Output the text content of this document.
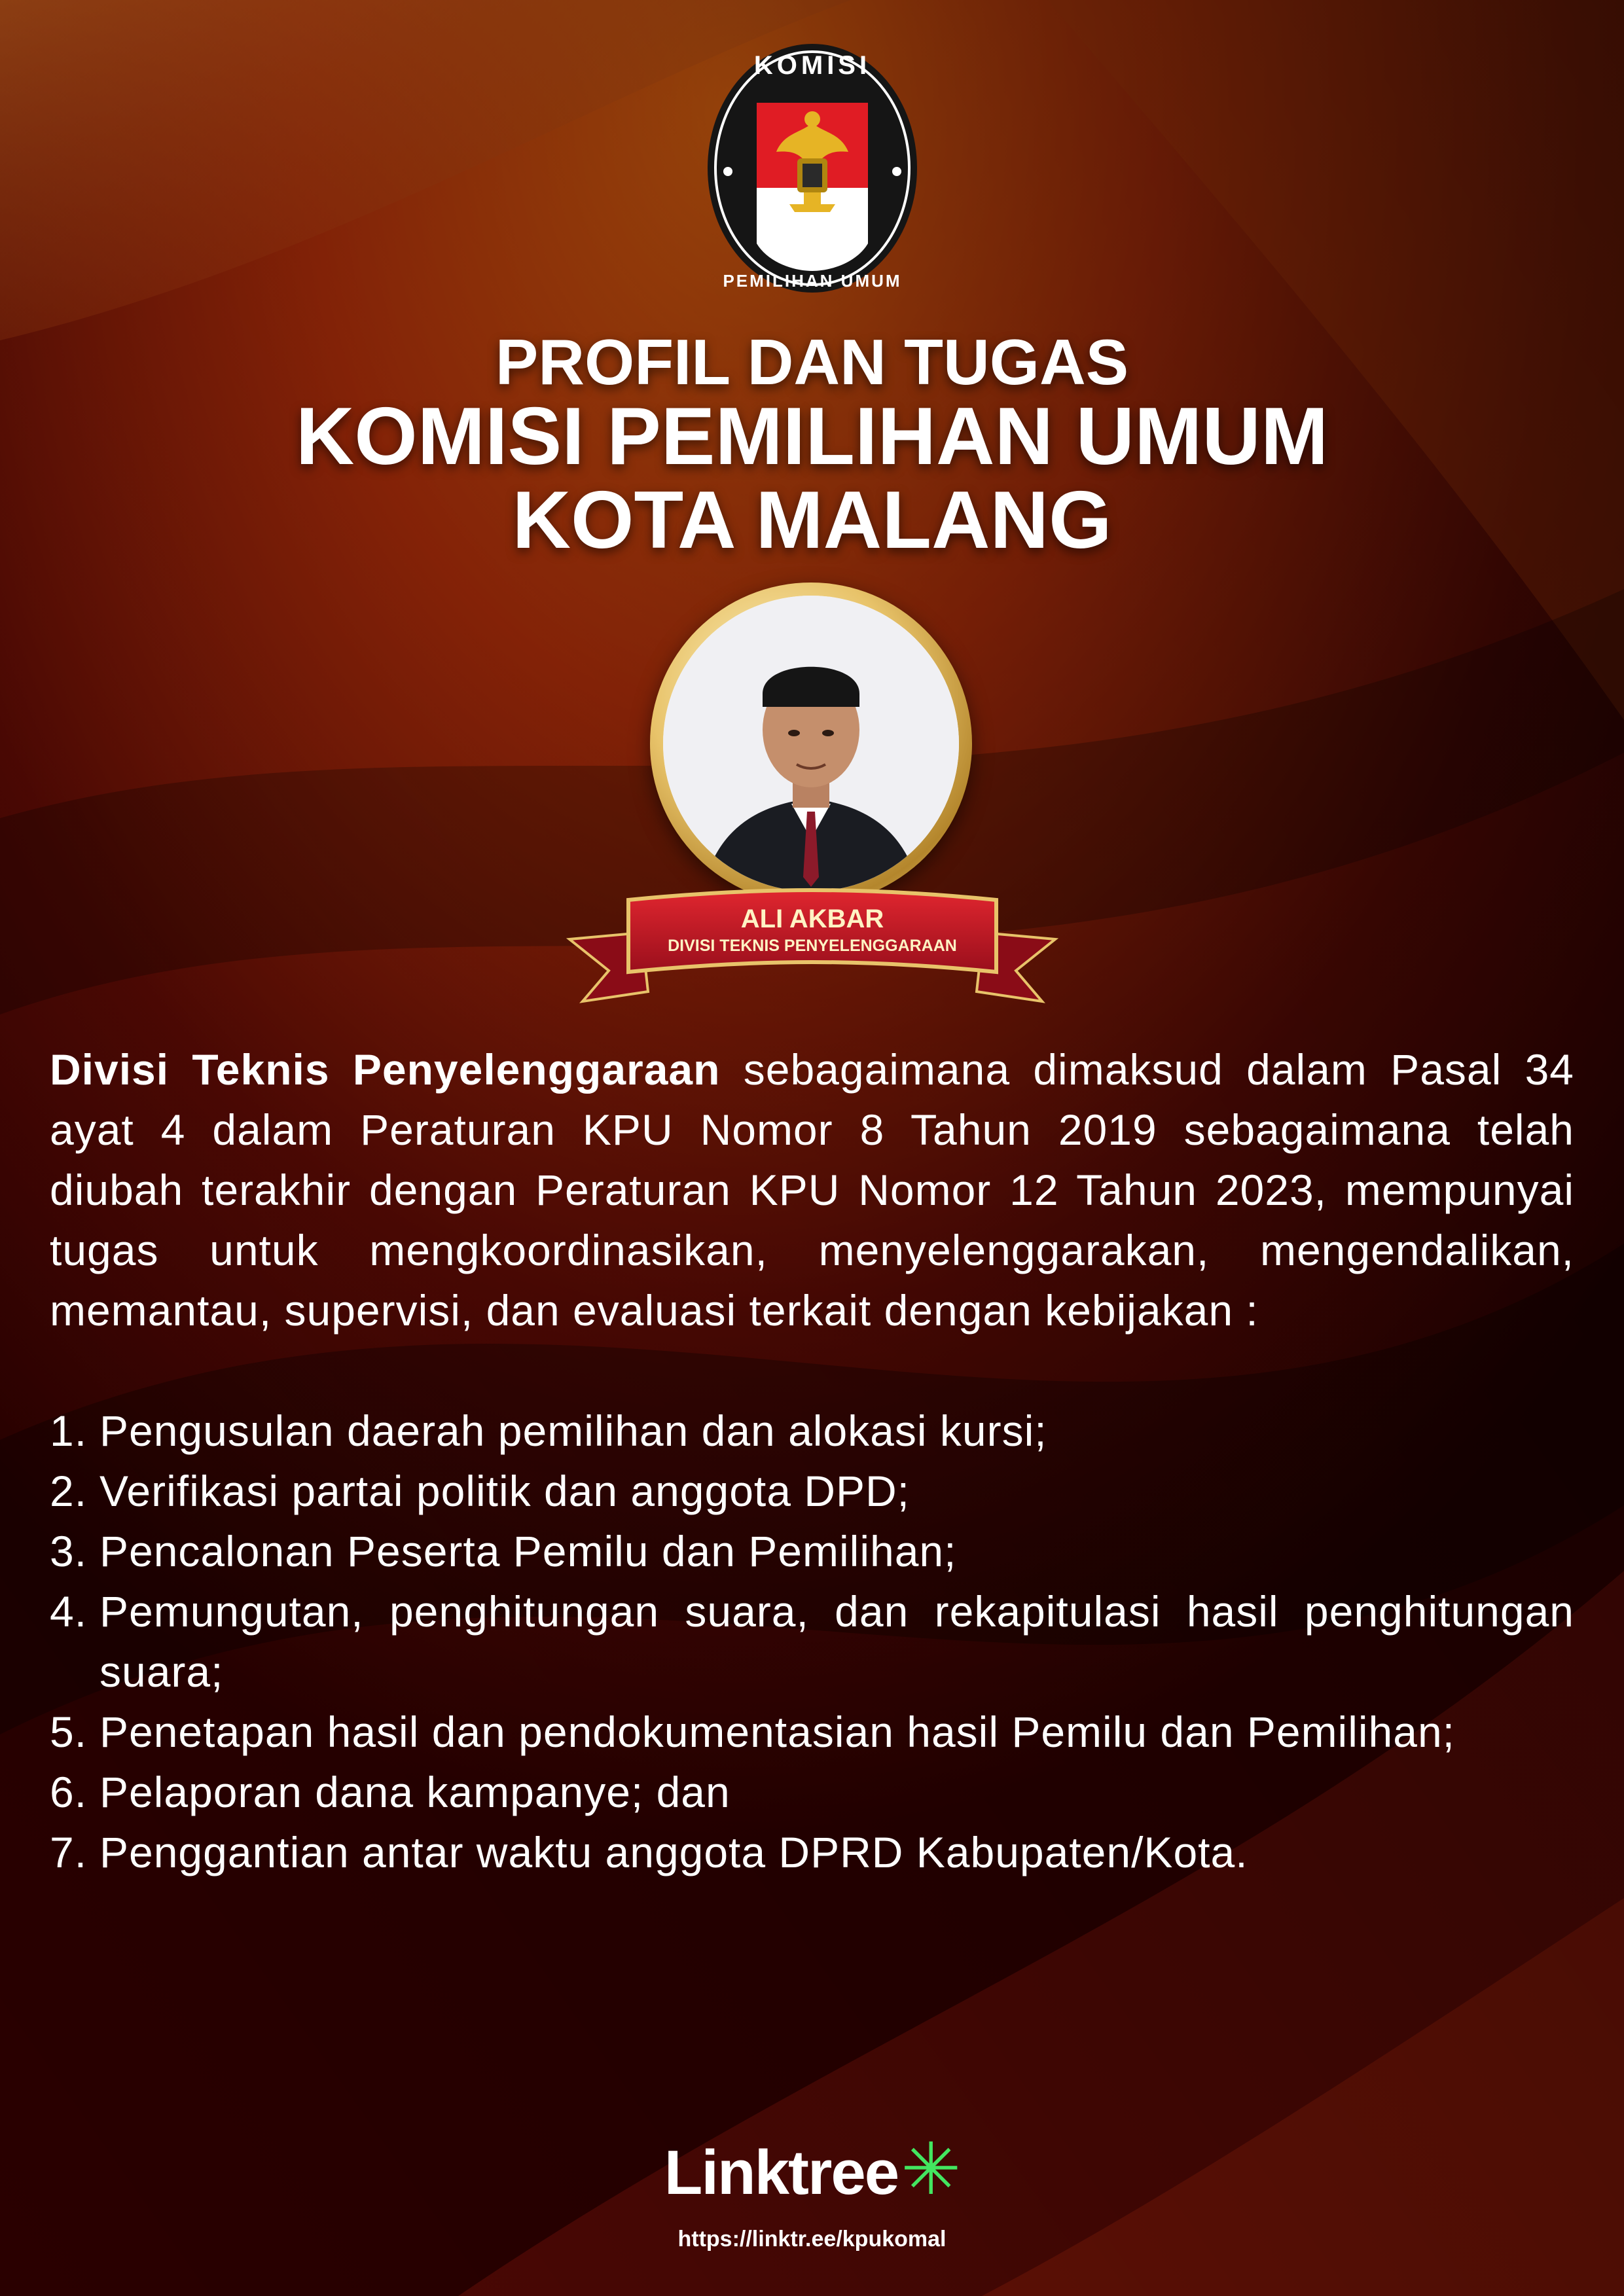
KOMISI
PEMILIHAN UMUM
PROFIL DAN TUGAS
KOMISI PEMILIHAN UMUM
KOTA MALANG
ALI AKBAR
DIVISI TEKNIS PENYELENGGARAAN

Divisi Teknis Penyelenggaraan sebagaimana dimaksud dalam Pasal 34 ayat 4 dalam Peraturan KPU Nomor 8 Tahun 2019 sebagaimana telah diubah terakhir dengan Peraturan KPU Nomor 12 Tahun 2023, mempunyai tugas untuk mengkoordinasikan, menyelenggarakan, mengendalikan, memantau, supervisi, dan evaluasi terkait dengan kebijakan :

1. Pengusulan daerah pemilihan dan alokasi kursi;
2. Verifikasi partai politik dan anggota DPD;
3. Pencalonan Peserta Pemilu dan Pemilihan;
4. Pemungutan, penghitungan suara, dan rekapitulasi hasil penghitungan suara;
5. Penetapan hasil dan pendokumentasian hasil Pemilu dan Pemilihan;
6. Pelaporan dana kampanye; dan
7. Penggantian antar waktu anggota DPRD Kabupaten/Kota.
Linktree✳
https://linktr.ee/kpukomal
